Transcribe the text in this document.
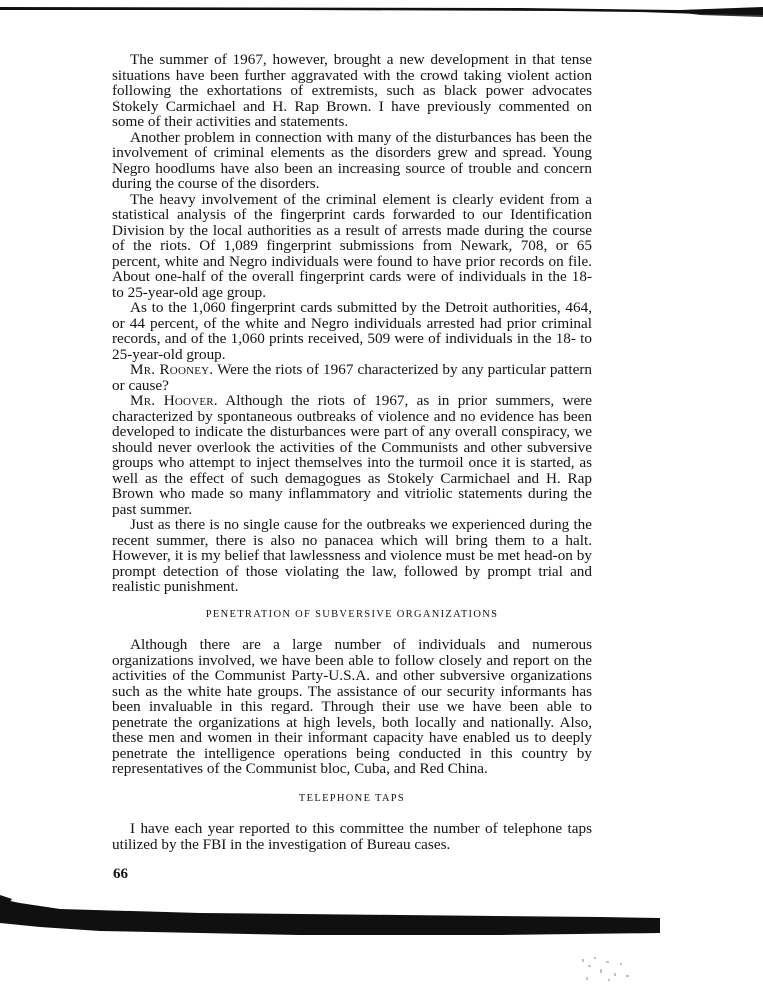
The summer of 1967, however, brought a new development in that tense situations have been further aggravated with the crowd taking violent action following the exhortations of extremists, such as black power advocates Stokely Carmichael and H. Rap Brown. I have previously commented on some of their activities and statements.

Another problem in connection with many of the disturbances has been the involvement of criminal elements as the disorders grew and spread. Young Negro hoodlums have also been an increasing source of trouble and concern during the course of the disorders.

The heavy involvement of the criminal element is clearly evident from a statistical analysis of the fingerprint cards forwarded to our Identification Division by the local authorities as a result of arrests made during the course of the riots. Of 1,089 fingerprint submissions from Newark, 708, or 65 percent, white and Negro individuals were found to have prior records on file. About one-half of the overall fingerprint cards were of individuals in the 18- to 25-year-old age group.

As to the 1,060 fingerprint cards submitted by the Detroit authorities, 464, or 44 percent, of the white and Negro individuals arrested had prior criminal records, and of the 1,060 prints received, 509 were of individuals in the 18- to 25-year-old group.

Mr. Rooney. Were the riots of 1967 characterized by any particular pattern or cause?

Mr. Hoover. Although the riots of 1967, as in prior summers, were characterized by spontaneous outbreaks of violence and no evidence has been developed to indicate the disturbances were part of any overall conspiracy, we should never overlook the activities of the Communists and other subversive groups who attempt to inject themselves into the turmoil once it is started, as well as the effect of such demagogues as Stokely Carmichael and H. Rap Brown who made so many inflammatory and vitriolic statements during the past summer.

Just as there is no single cause for the outbreaks we experienced during the recent summer, there is also no panacea which will bring them to a halt. However, it is my belief that lawlessness and violence must be met head-on by prompt detection of those violating the law, followed by prompt trial and realistic punishment.

PENETRATION OF SUBVERSIVE ORGANIZATIONS

Although there are a large number of individuals and numerous organizations involved, we have been able to follow closely and report on the activities of the Communist Party-U.S.A. and other subversive organizations such as the white hate groups. The assistance of our security informants has been invaluable in this regard. Through their use we have been able to penetrate the organizations at high levels, both locally and nationally. Also, these men and women in their informant capacity have enabled us to deeply penetrate the intelligence operations being conducted in this country by representatives of the Communist bloc, Cuba, and Red China.

TELEPHONE TAPS

I have each year reported to this committee the number of telephone taps utilized by the FBI in the investigation of Bureau cases.

66
